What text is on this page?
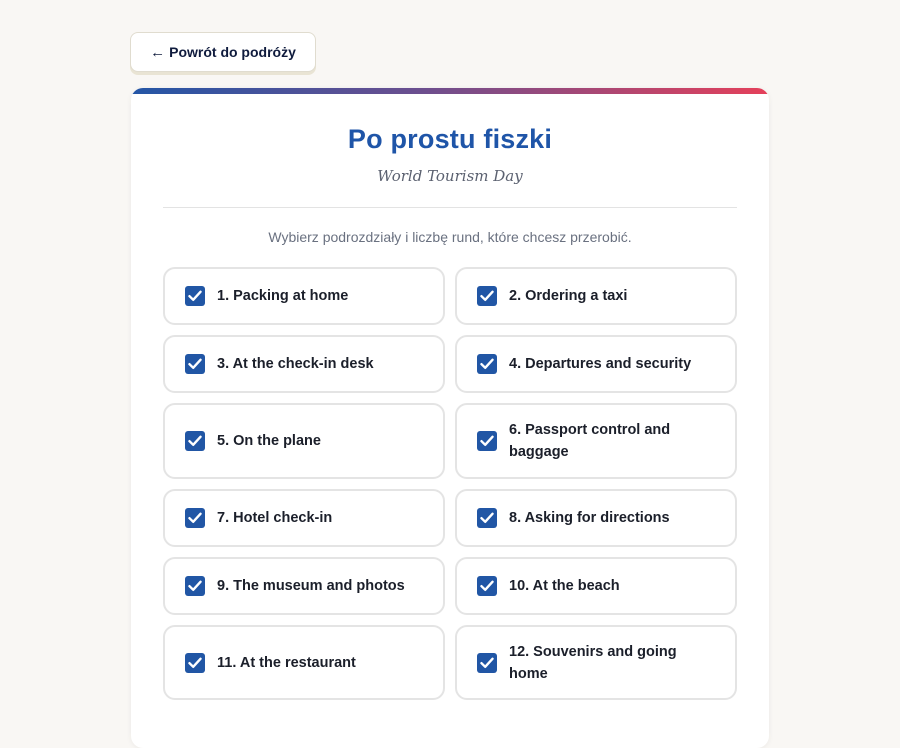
← Powrót do podróży
Po prostu fiszki
World Tourism Day
Wybierz podrozdziały i liczbę rund, które chcesz przerobić.
1. Packing at home	2. Ordering a taxi
3. At the check-in desk	4. Departures and security
5. On the plane
6. Passport control and baggage
7. Hotel check-in	8. Asking for directions
9. The museum and photos	10. At the beach
11. At the restaurant
12. Souvenirs and going home
